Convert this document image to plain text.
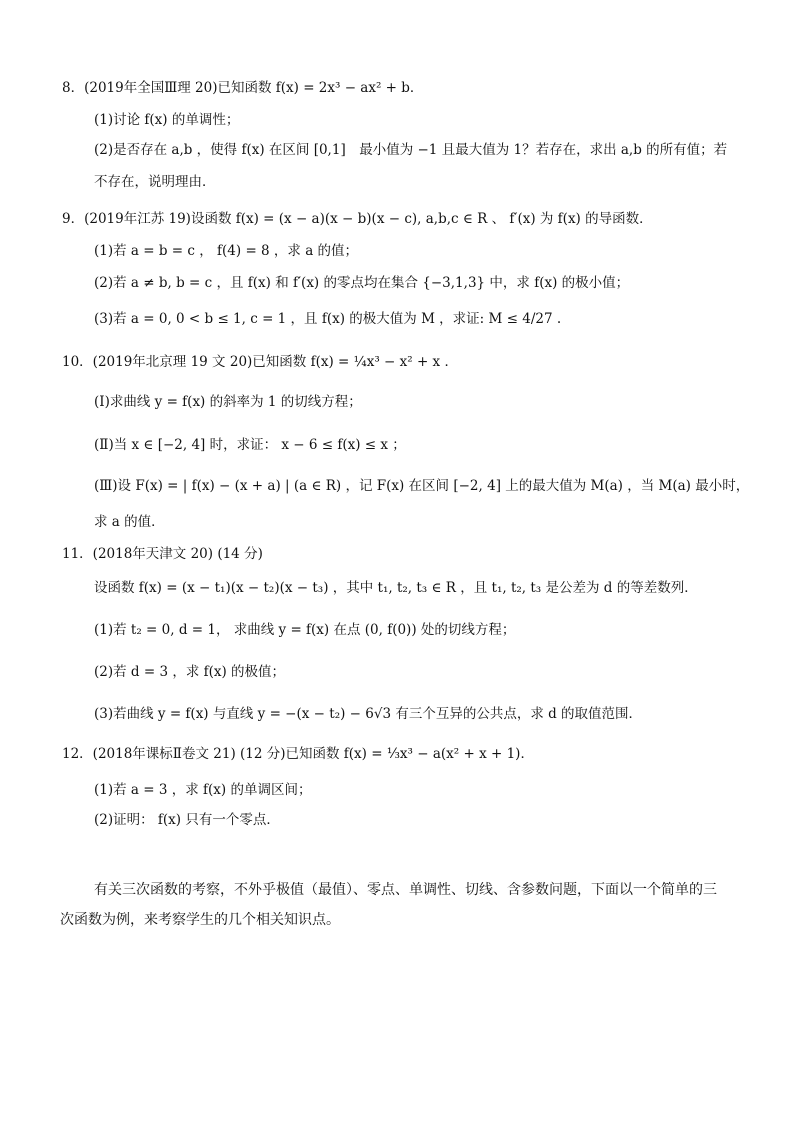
8．(2019年全国Ⅲ理 20)已知函数 f(x) = 2x³ − ax² + b．
(1)讨论 f(x) 的单调性；
(2)是否存在 a,b ，使得 f(x) 在区间 [0,1]　最小值为 −1 且最大值为 1？若存在，求出 a,b 的所有值；若
不存在，说明理由．
9．(2019年江苏 19)设函数 f(x) = (x − a)(x − b)(x − c), a,b,c ∈ R 、 f′(x) 为 f(x) 的导函数．
(1)若 a = b = c ， f(4) = 8 ，求 a 的值；
(2)若 a ≠ b, b = c ，且 f(x) 和 f′(x) 的零点均在集合 {−3,1,3} 中，求 f(x) 的极小值；
(3)若 a = 0, 0 < b ≤ 1, c = 1 ，且 f(x) 的极大值为 M ，求证: M ≤ 4/27 .
10．(2019年北京理 19 文 20)已知函数 f(x) = ¼x³ − x² + x ．
(Ⅰ)求曲线 y = f(x) 的斜率为 1 的切线方程；
(Ⅱ)当 x ∈ [−2, 4] 时，求证： x − 6 ≤ f(x) ≤ x ；
(Ⅲ)设 F(x) = | f(x) − (x + a) | (a ∈ R) ，记 F(x) 在区间 [−2, 4] 上的最大值为 M(a) ，当 M(a) 最小时，
求 a 的值．
11．(2018年天津文 20) (14 分)
设函数 f(x) = (x − t₁)(x − t₂)(x − t₃) ，其中 t₁, t₂, t₃ ∈ R ，且 t₁, t₂, t₃ 是公差为 d 的等差数列．
(1)若 t₂ = 0, d = 1， 求曲线 y = f(x) 在点 (0, f(0)) 处的切线方程；
(2)若 d = 3 ，求 f(x) 的极值；
(3)若曲线 y = f(x) 与直线 y = −(x − t₂) − 6√3 有三个互异的公共点，求 d 的取值范围．
12．(2018年课标Ⅱ卷文 21) (12 分)已知函数 f(x) = ⅓x³ − a(x² + x + 1)．
(1)若 a = 3 ，求 f(x) 的单调区间；
(2)证明： f(x) 只有一个零点．
有关三次函数的考察，不外乎极值（最值）、零点、单调性、切线、含参数问题，下面以一个简单的三
次函数为例，来考察学生的几个相关知识点。
